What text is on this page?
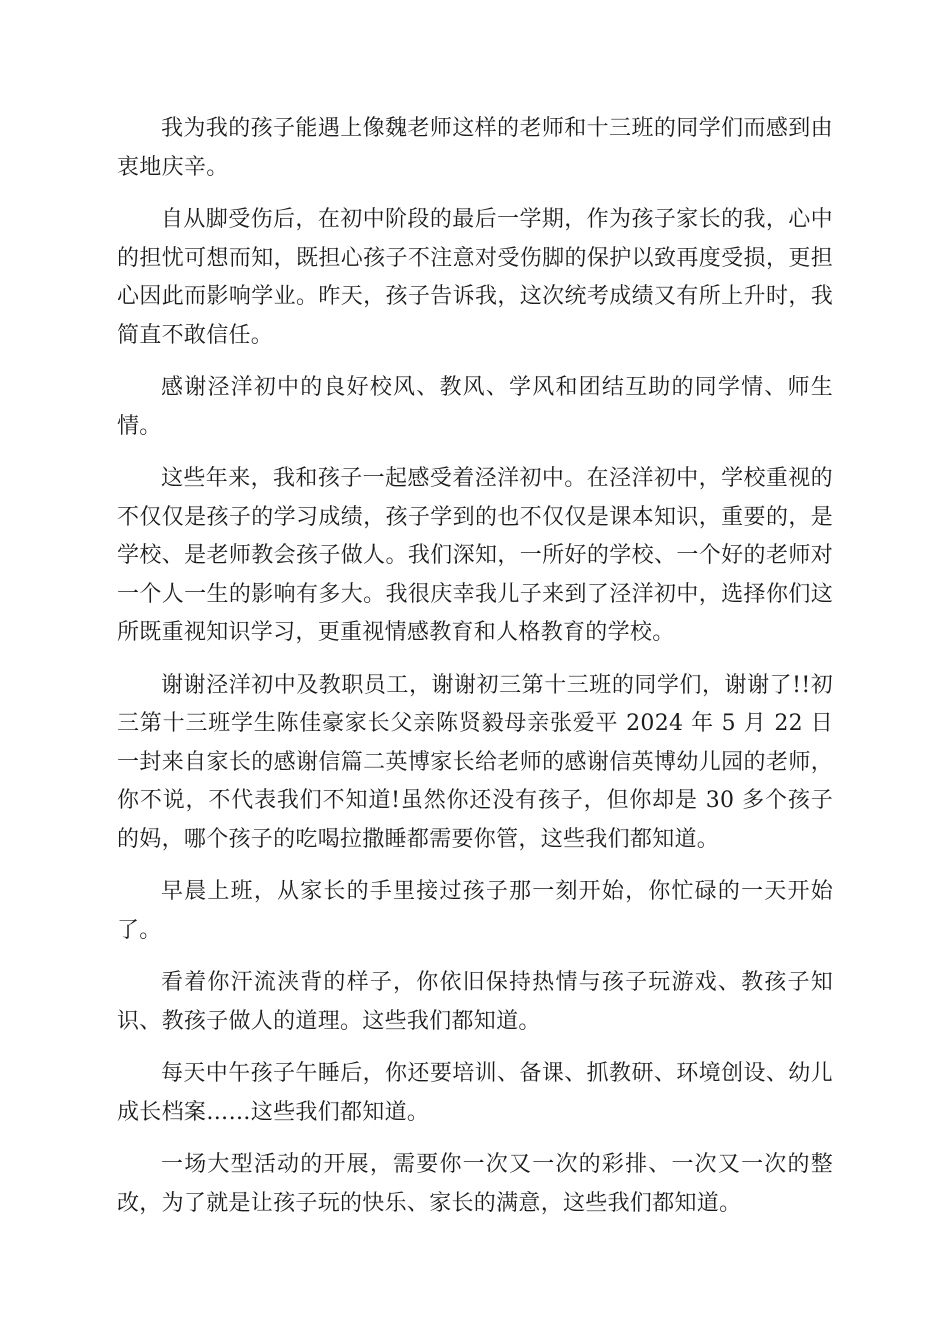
我为我的孩子能遇上像魏老师这样的老师和十三班的同学们而感到由衷地庆辛。

自从脚受伤后，在初中阶段的最后一学期，作为孩子家长的我，心中的担忧可想而知，既担心孩子不注意对受伤脚的保护以致再度受损，更担心因此而影响学业。昨天，孩子告诉我，这次统考成绩又有所上升时，我简直不敢信任。

感谢泾洋初中的良好校风、教风、学风和团结互助的同学情、师生情。

这些年来，我和孩子一起感受着泾洋初中。在泾洋初中，学校重视的不仅仅是孩子的学习成绩，孩子学到的也不仅仅是课本知识，重要的，是学校、是老师教会孩子做人。我们深知，一所好的学校、一个好的老师对一个人一生的影响有多大。我很庆幸我儿子来到了泾洋初中，选择你们这所既重视知识学习，更重视情感教育和人格教育的学校。

谢谢泾洋初中及教职员工，谢谢初三第十三班的同学们，谢谢了!!初三第十三班学生陈佳豪家长父亲陈贤毅母亲张爱平 2024 年 5 月 22 日一封来自家长的感谢信篇二英博家长给老师的感谢信英博幼儿园的老师，你不说，不代表我们不知道!虽然你还没有孩子，但你却是 30 多个孩子的妈，哪个孩子的吃喝拉撒睡都需要你管，这些我们都知道。

早晨上班，从家长的手里接过孩子那一刻开始，你忙碌的一天开始了。

看着你汗流浃背的样子，你依旧保持热情与孩子玩游戏、教孩子知识、教孩子做人的道理。这些我们都知道。

每天中午孩子午睡后，你还要培训、备课、抓教研、环境创设、幼儿成长档案……这些我们都知道。

一场大型活动的开展，需要你一次又一次的彩排、一次又一次的整改，为了就是让孩子玩的快乐、家长的满意，这些我们都知道。
